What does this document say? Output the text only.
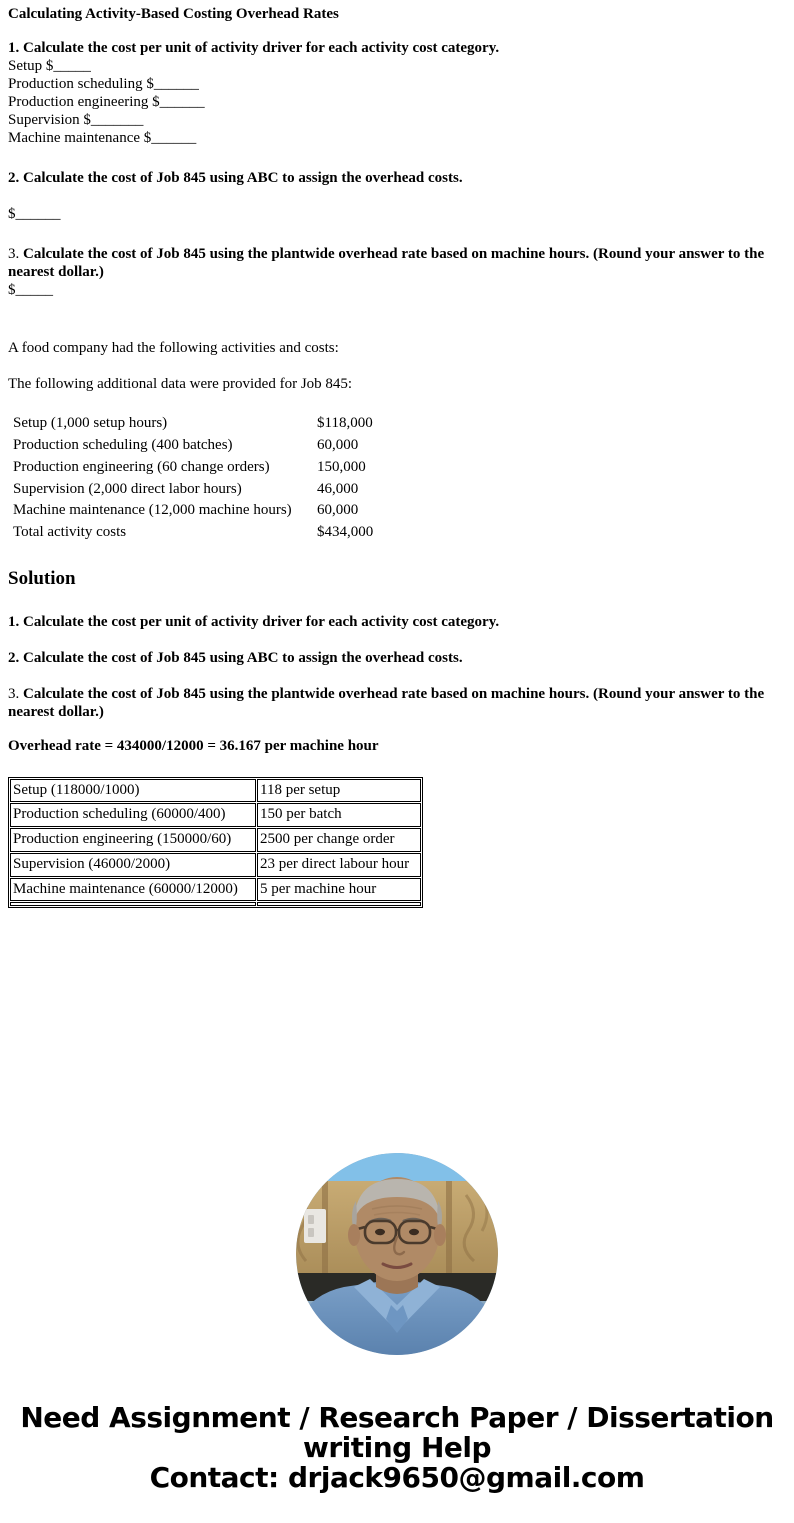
Calculating Activity-Based Costing Overhead Rates
1. Calculate the cost per unit of activity driver for each activity cost category.
Setup $_____
Production scheduling $______
Production engineering $______
Supervision $_______
Machine maintenance $______
2. Calculate the cost of Job 845 using ABC to assign the overhead costs.
$______
3. Calculate the cost of Job 845 using the plantwide overhead rate based on machine hours. (Round your answer to the nearest dollar.)
$_____
A food company had the following activities and costs:
The following additional data were provided for Job 845:
Setup (1,000 setup hours)	$118,000
Production scheduling (400 batches)	60,000
Production engineering (60 change orders)	150,000
Supervision (2,000 direct labor hours)	46,000
Machine maintenance (12,000 machine hours)	60,000
Total activity costs	$434,000
Solution
1. Calculate the cost per unit of activity driver for each activity cost category.
2. Calculate the cost of Job 845 using ABC to assign the overhead costs.
3. Calculate the cost of Job 845 using the plantwide overhead rate based on machine hours. (Round your answer to the nearest dollar.)
Overhead rate = 434000/12000 = 36.167 per machine hour
Setup (118000/1000)	118 per setup
Production scheduling (60000/400)	150 per batch
Production engineering (150000/60)	2500 per change order
Supervision (46000/2000)	23 per direct labour hour
Machine maintenance (60000/12000)	5 per machine hour

Need Assignment / Research Paper / Dissertation
writing Help
Contact: drjack9650@gmail.com
